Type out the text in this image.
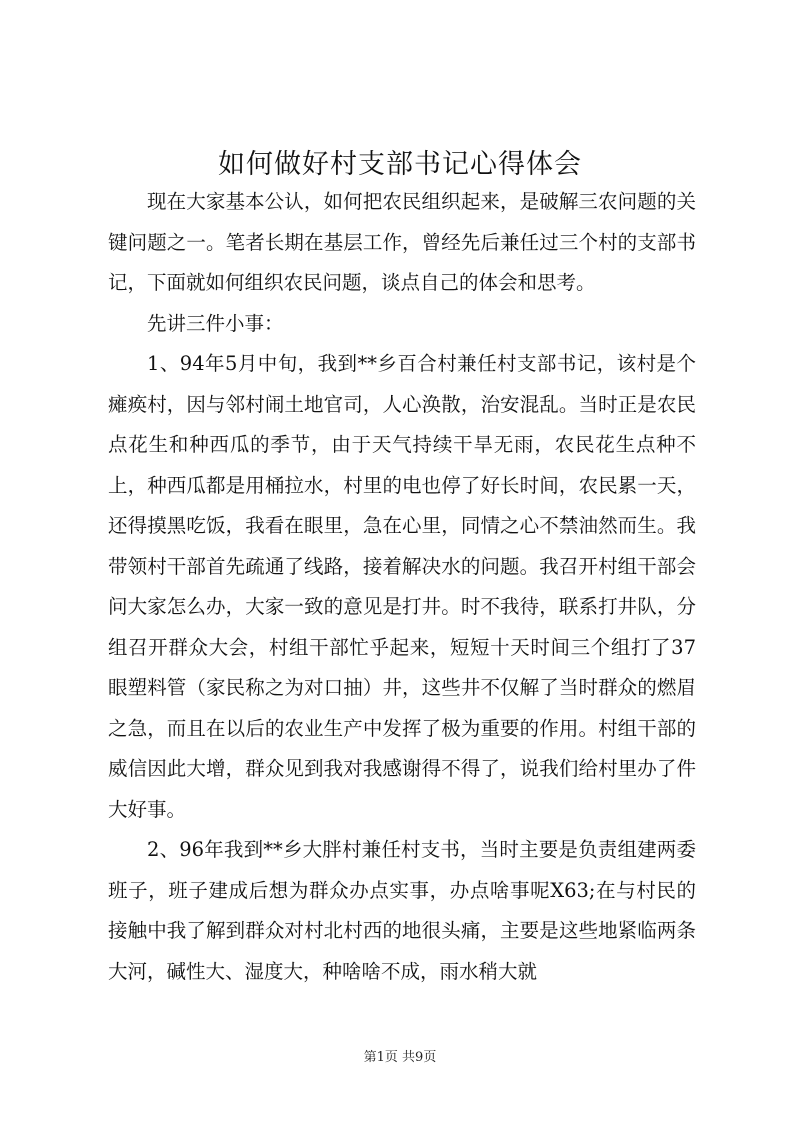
如何做好村支部书记心得体会

现在大家基本公认，如何把农民组织起来，是破解三农问题的关键问题之一。笔者长期在基层工作，曾经先后兼任过三个村的支部书记，下面就如何组织农民问题，谈点自己的体会和思考。

先讲三件小事：

1、94年5月中旬，我到**乡百合村兼任村支部书记，该村是个瘫痪村，因与邻村闹土地官司，人心涣散，治安混乱。当时正是农民点花生和种西瓜的季节，由于天气持续干旱无雨，农民花生点种不上，种西瓜都是用桶拉水，村里的电也停了好长时间，农民累一天，还得摸黑吃饭，我看在眼里，急在心里，同情之心不禁油然而生。我带领村干部首先疏通了线路，接着解决水的问题。我召开村组干部会问大家怎么办，大家一致的意见是打井。时不我待，联系打井队，分组召开群众大会，村组干部忙乎起来，短短十天时间三个组打了37眼塑料管（家民称之为对口抽）井，这些井不仅解了当时群众的燃眉之急，而且在以后的农业生产中发挥了极为重要的作用。村组干部的威信因此大增，群众见到我对我感谢得不得了，说我们给村里办了件大好事。

2、96年我到**乡大胖村兼任村支书，当时主要是负责组建两委班子，班子建成后想为群众办点实事，办点啥事呢X63;在与村民的接触中我了解到群众对村北村西的地很头痛，主要是这些地紧临两条大河，碱性大、湿度大，种啥啥不成，雨水稍大就

第1页 共9页
